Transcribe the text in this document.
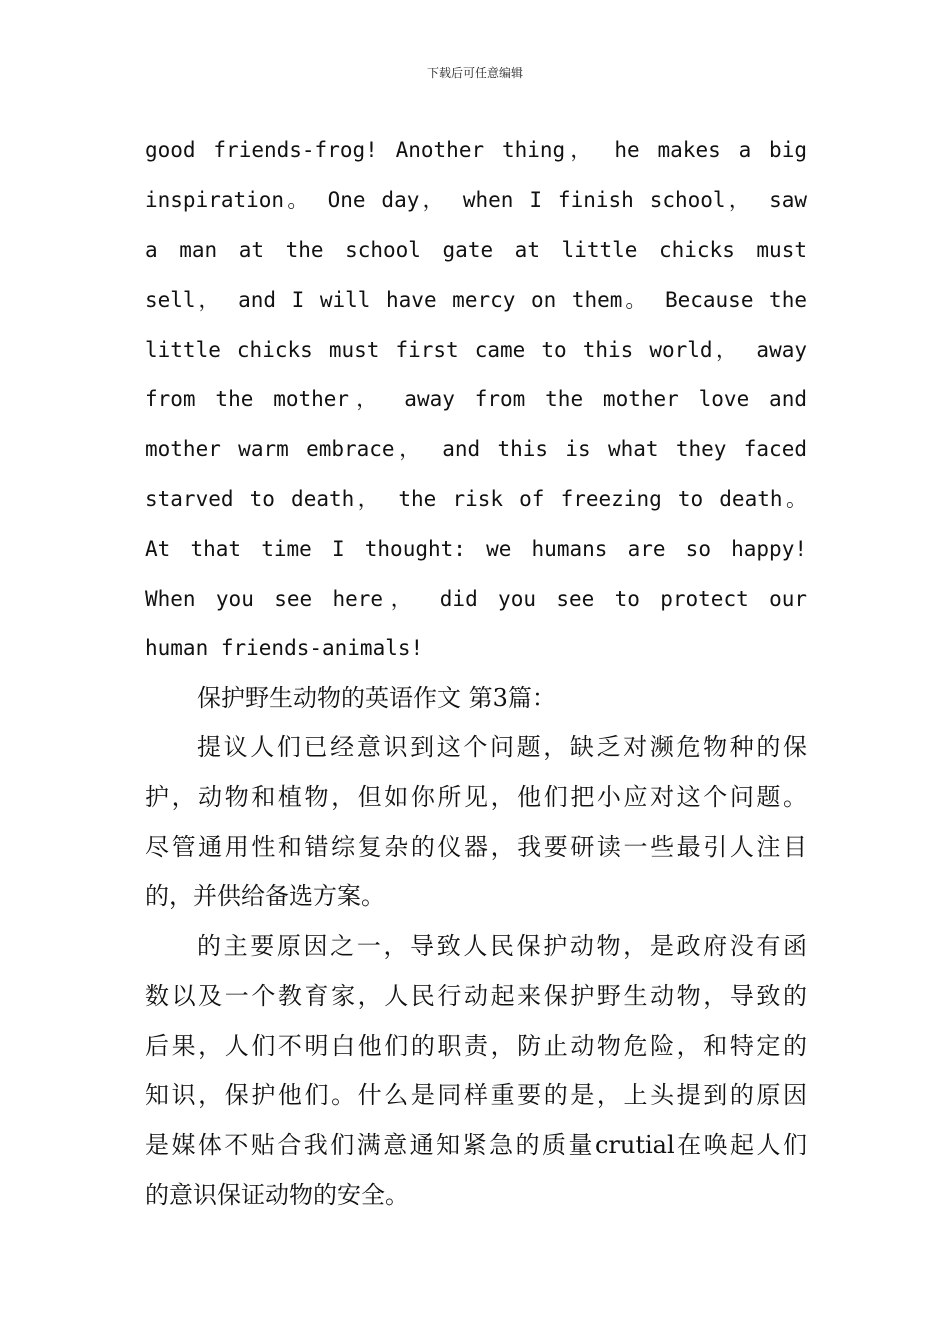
下载后可任意编辑
good friends-frog! Another thing， he makes a big
inspiration。 One day， when I finish school， saw
a man at the school gate at little chicks must
sell， and I will have mercy on them。 Because the
little chicks must first came to this world， away
from the mother， away from the mother love and
mother warm embrace， and this is what they faced
starved to death， the risk of freezing to death。
At that time I thought: we humans are so happy!
When you see here， did you see to protect our
human friends-animals!
保护野生动物的英语作文 第3篇：
提议人们已经意识到这个问题，缺乏对濒危物种的保
护，动物和植物，但如你所见，他们把小应对这个问题。
尽管通用性和错综复杂的仪器，我要研读一些最引人注目
的，并供给备选方案。
的主要原因之一，导致人民保护动物，是政府没有函
数以及一个教育家，人民行动起来保护野生动物，导致的
后果，人们不明白他们的职责，防止动物危险，和特定的
知识，保护他们。什么是同样重要的是，上头提到的原因
是媒体不贴合我们满意通知紧急的质量crutial在唤起人们
的意识保证动物的安全。
